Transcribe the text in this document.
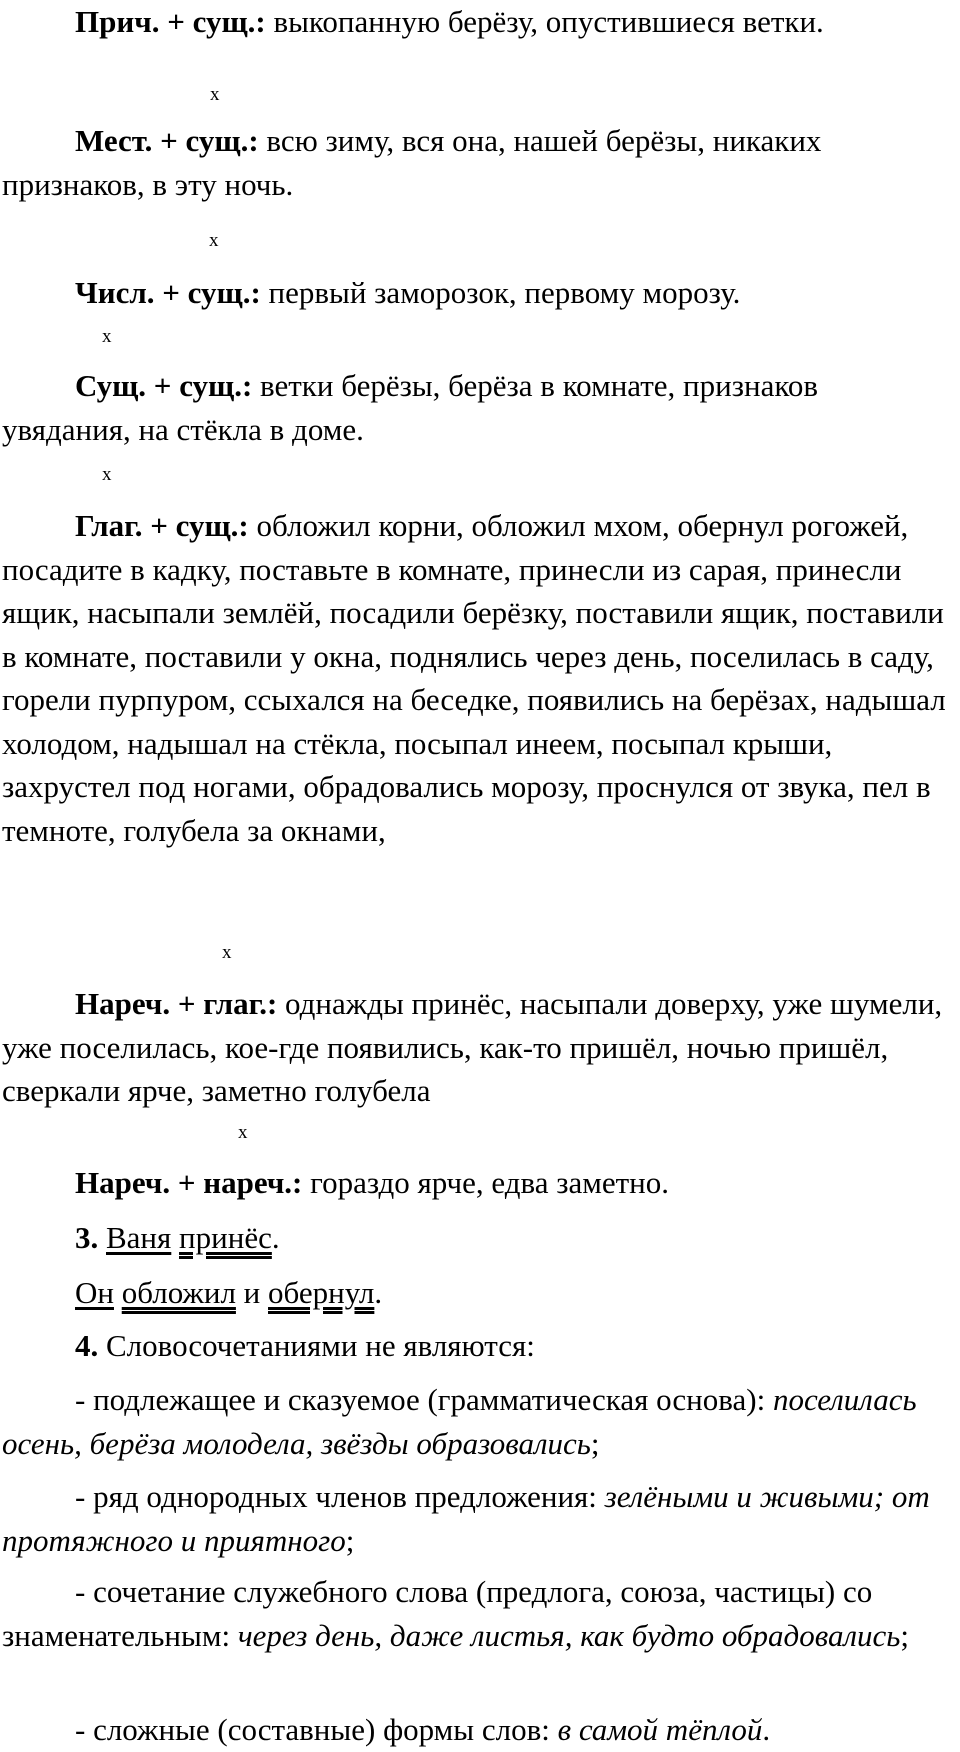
Прич. + сущ.: выкопанную берёзу, опустившиеся ветки.

x

Мест. + сущ.: всю зиму, вся она, нашей берёзы, никаких признаков, в эту ночь.

x

Числ. + сущ.: первый заморозок, первому морозу.

x

Сущ. + сущ.: ветки берёзы, берёза в комнате, признаков увядания, на стёкла в доме.

x

Глаг. + сущ.: обложил корни, обложил мхом, обернул рогожей, посадите в кадку, поставьте в комнате, принесли из сарая, принесли ящик, насыпали землёй, посадили берёзку, поставили ящик, поставили в комнате, поставили у окна, поднялись через день, поселилась в саду, горели пурпуром, ссыхался на беседке, появились на берёзах, надышал холодом, надышал на стёкла, посыпал инеем, посыпал крыши, захрустел под ногами, обрадовались морозу, проснулся от звука, пел в темноте, голубела за окнами,

x

Нареч. + глаг.: однажды принёс, насыпали доверху, уже шумели, уже поселилась, кое-где появились, как-то пришёл, ночью пришёл, сверкали ярче, заметно голубела

x

Нареч. + нареч.: гораздо ярче, едва заметно.

3. Ваня принёс.

Он обложил и обернул.

4. Словосочетаниями не являются:

- подлежащее и сказуемое (грамматическая основа): поселилась осень, берёза молодела, звёзды образовались;

- ряд однородных членов предложения: зелёными и живыми; от протяжного и приятного;

- сочетание служебного слова (предлога, союза, частицы) со знаменательным: через день, даже листья, как будто обрадовались;

- сложные (составные) формы слов: в самой тёплой.
